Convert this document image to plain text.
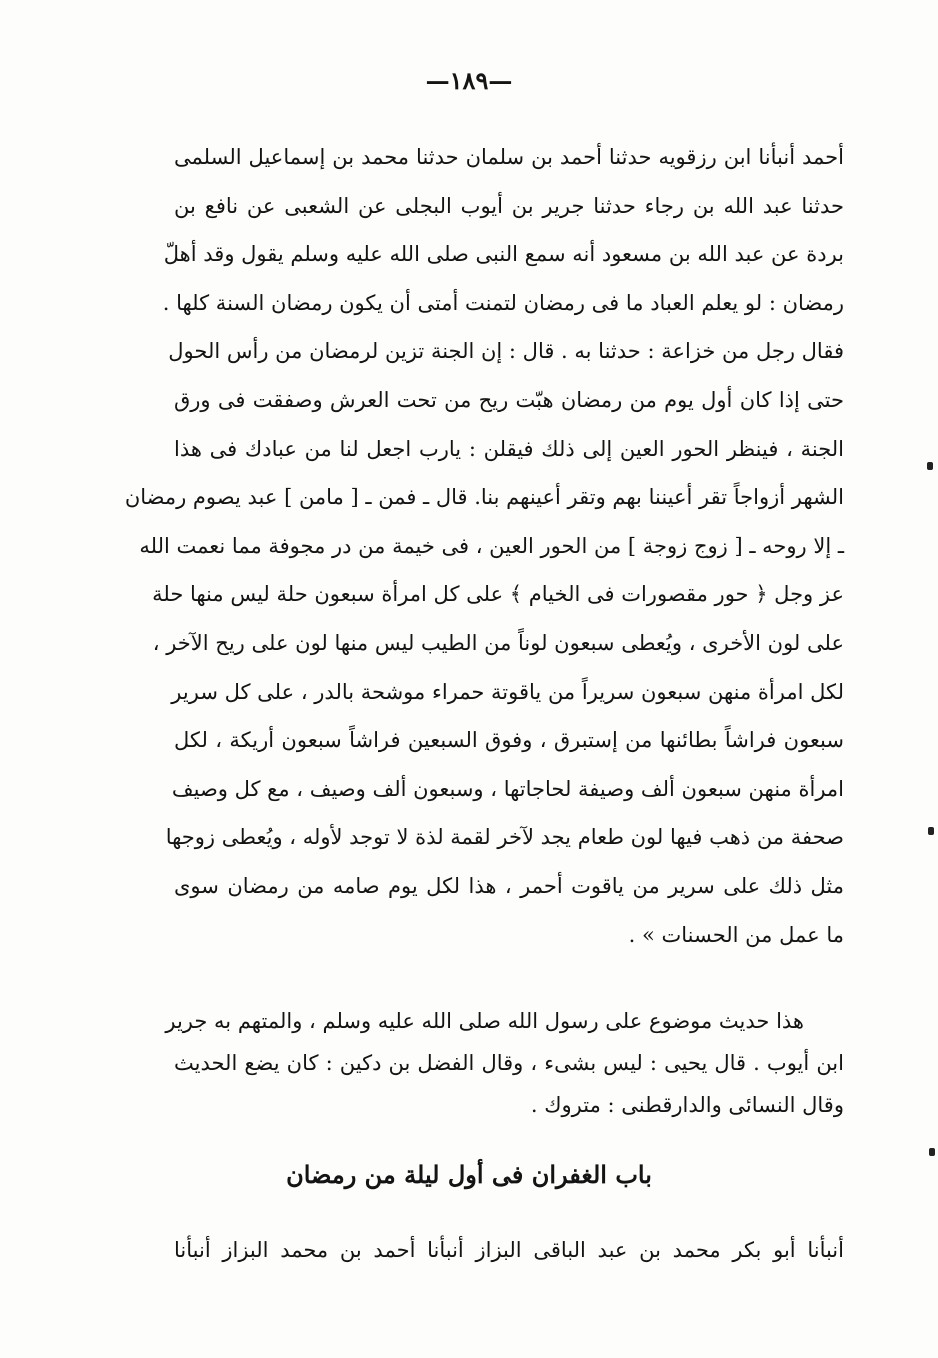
—١٨٩—
أحمد أنبأنا ابن رزقويه حدثنا أحمد بن سلمان حدثنا محمد بن إسماعيل السلمى
حدثنا عبد الله بن رجاء حدثنا جرير بن أيوب البجلى عن الشعبى عن نافع بن
بردة عن عبد الله بن مسعود أنه سمع النبى صلى الله عليه وسلم يقول وقد أهلّ
رمضان : لو يعلم العباد ما فى رمضان لتمنت أمتى أن يكون رمضان السنة كلها .
فقال رجل من خزاعة : حدثنا به . قال : إن الجنة تزين لرمضان من رأس الحول
حتى إذا كان أول يوم من رمضان هبّت ريح من تحت العرش وصفقت فى ورق
الجنة ، فينظر الحور العين إلى ذلك فيقلن : يارب اجعل لنا من عبادك فى هذا
الشهر أزواجاً تقر أعيننا بهم وتقر أعينهم بنا. قال ـ فمن ـ [ مامن ] عبد يصوم رمضان
ـ إلا روحه ـ [ زوج زوجة ] من الحور العين ، فى خيمة من در مجوفة مما نعمت الله
عز وجل ﴿ حور مقصورات فى الخيام ﴾ على كل امرأة سبعون حلة ليس منها حلة
على لون الأخرى ، ويُعطى سبعون لوناً من الطيب ليس منها لون على ريح الآخر ،
لكل امرأة منهن سبعون سريراً من ياقوتة حمراء موشحة بالدر ، على كل سرير
سبعون فراشاً بطائنها من إستبرق ، وفوق السبعين فراشاً سبعون أريكة ، لكل
امرأة منهن سبعون ألف وصيفة لحاجاتها ، وسبعون ألف وصيف ، مع كل وصيف
صحفة من ذهب فيها لون طعام يجد لآخر لقمة لذة لا توجد لأوله ، ويُعطى زوجها
مثل ذلك على سرير من ياقوت أحمر ، هذا لكل يوم صامه من رمضان سوى
ما عمل من الحسنات » .
هذا حديث موضوع على رسول الله صلى الله عليه وسلم ، والمتهم به جرير
ابن أيوب . قال يحيى : ليس بشىء ، وقال الفضل بن دكين : كان يضع الحديث
وقال النسائى والدارقطنى : متروك .
باب الغفران فى أول ليلة من رمضان
أنبأنا أبو بكر محمد بن عبد الباقى البزاز أنبأنا أحمد بن محمد البزاز أنبأنا
